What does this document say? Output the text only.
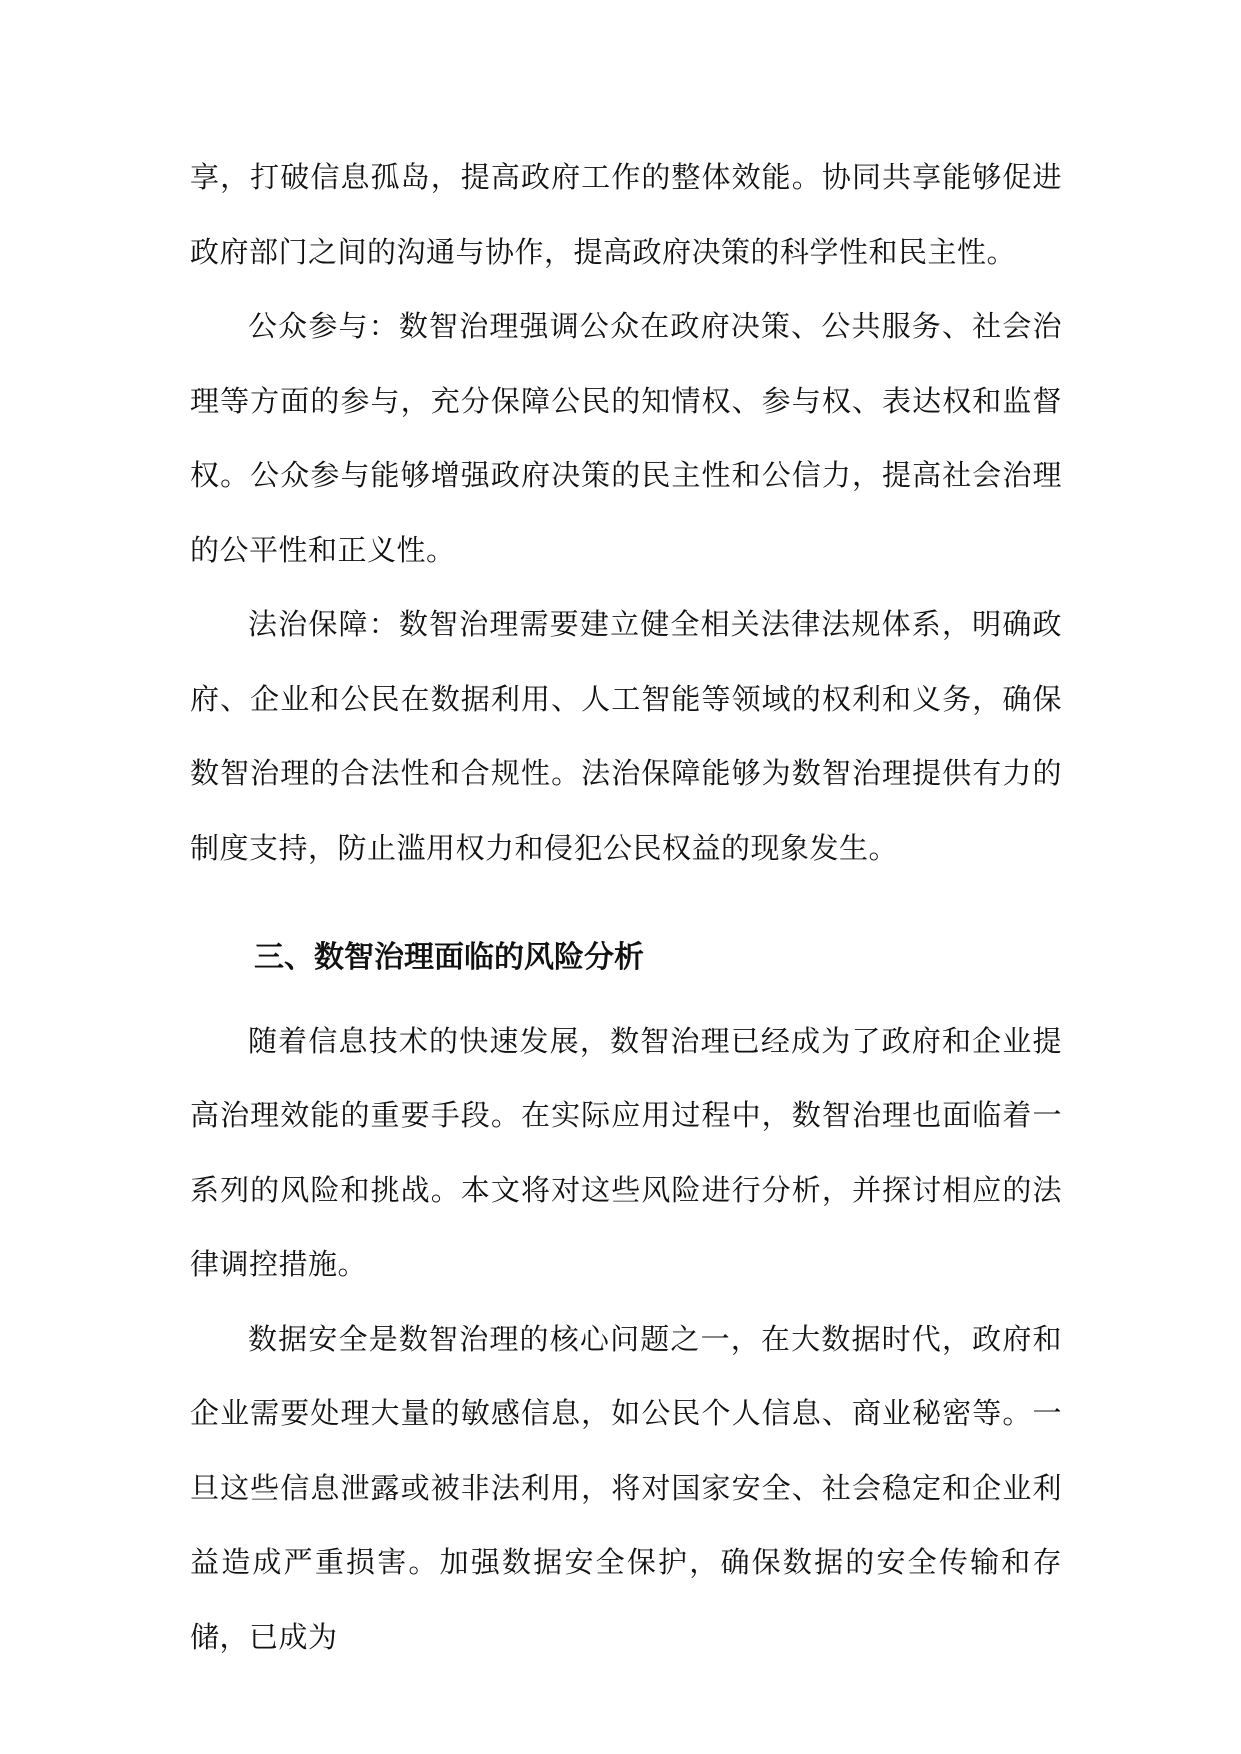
享，打破信息孤岛，提高政府工作的整体效能。协同共享能够促进政府部门之间的沟通与协作，提高政府决策的科学性和民主性。

公众参与：数智治理强调公众在政府决策、公共服务、社会治理等方面的参与，充分保障公民的知情权、参与权、表达权和监督权。公众参与能够增强政府决策的民主性和公信力，提高社会治理的公平性和正义性。

法治保障：数智治理需要建立健全相关法律法规体系，明确政府、企业和公民在数据利用、人工智能等领域的权利和义务，确保数智治理的合法性和合规性。法治保障能够为数智治理提供有力的制度支持，防止滥用权力和侵犯公民权益的现象发生。

三、数智治理面临的风险分析

随着信息技术的快速发展，数智治理已经成为了政府和企业提高治理效能的重要手段。在实际应用过程中，数智治理也面临着一系列的风险和挑战。本文将对这些风险进行分析，并探讨相应的法律调控措施。

数据安全是数智治理的核心问题之一，在大数据时代，政府和企业需要处理大量的敏感信息，如公民个人信息、商业秘密等。一旦这些信息泄露或被非法利用，将对国家安全、社会稳定和企业利益造成严重损害。加强数据安全保护，确保数据的安全传输和存储，已成为
